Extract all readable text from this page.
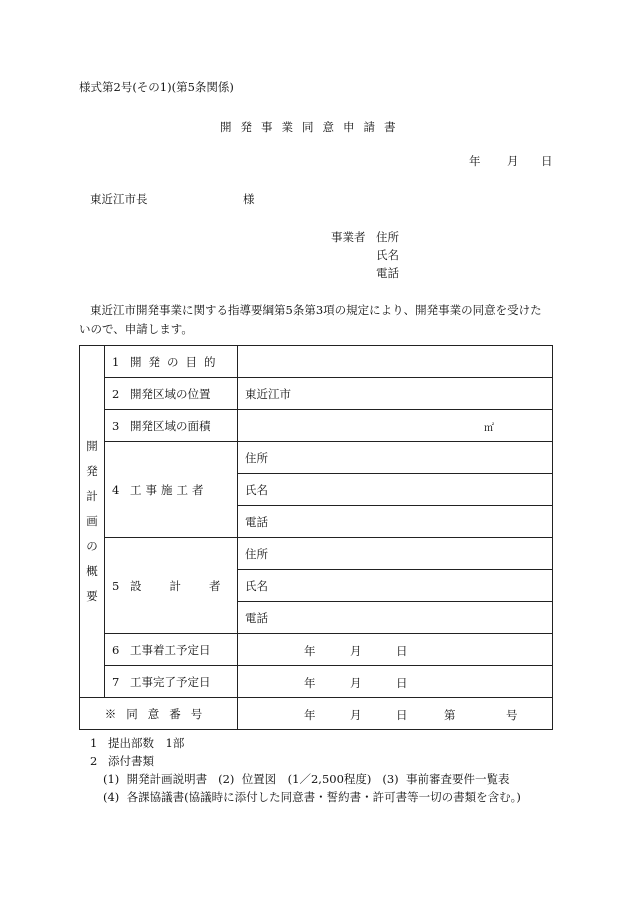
様式第2号(その1)(第5条関係)
開発事業同意申請書
年 月 日
東近江市長	様
事業者 住所
氏名
電話
東近江市開発事業に関する指導要綱第5条第3項の規定により、開発事業の同意を受けた
いので、申請します。
開発計画の概要	1 開発の目的	
	2 開発区域の位置	東近江市
	3 開発区域の面積	㎡

	4 工事施工者	住所
		氏名
		電話
	5 設計者	住所
		氏名
		電話
	6 工事着工予定日	年 月 日

	7 工事完了予定日	年 月 日

※同意番号		年 月 日 第 号
1 提出部数　1部
2 添付書類
(1) 開発計画説明書 (2) 位置図　(1／2,500程度) (3) 事前審査要件一覧表
(4) 各課協議書(協議時に添付した同意書・誓約書・許可書等一切の書類を含む。)
